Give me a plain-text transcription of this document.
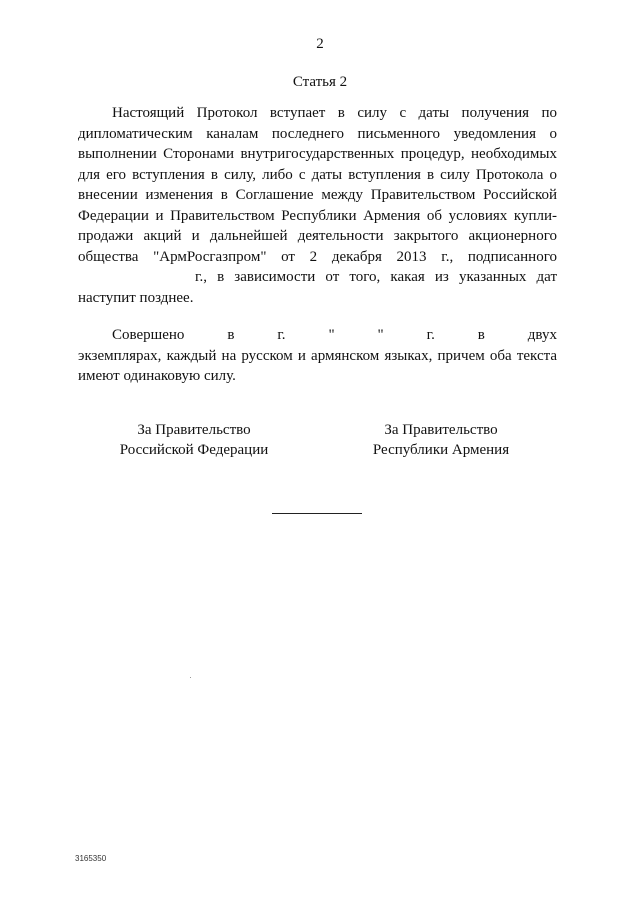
2
Статья 2
Настоящий Протокол вступает в силу с даты получения по
дипломатическим каналам последнего письменного уведомления о
выполнении Сторонами внутригосударственных процедур, необходимых
для его вступления в силу, либо с даты вступления в силу Протокола о
внесении изменения в Соглашение между Правительством Российской
Федерации и Правительством Республики Армения об условиях купли-
продажи акций и дальнейшей деятельности закрытого акционерного
общества "АрмРосгазпром" от 2 декабря 2013 г., подписанного
г., в зависимости от того, какая из указанных дат
наступит позднее.
Совершено в г. " " г. в двух
экземплярах, каждый на русском и армянском языках, причем оба текста
имеют одинаковую силу.
За Правительство
Российской Федерации
За Правительство
Республики Армения
3165350
